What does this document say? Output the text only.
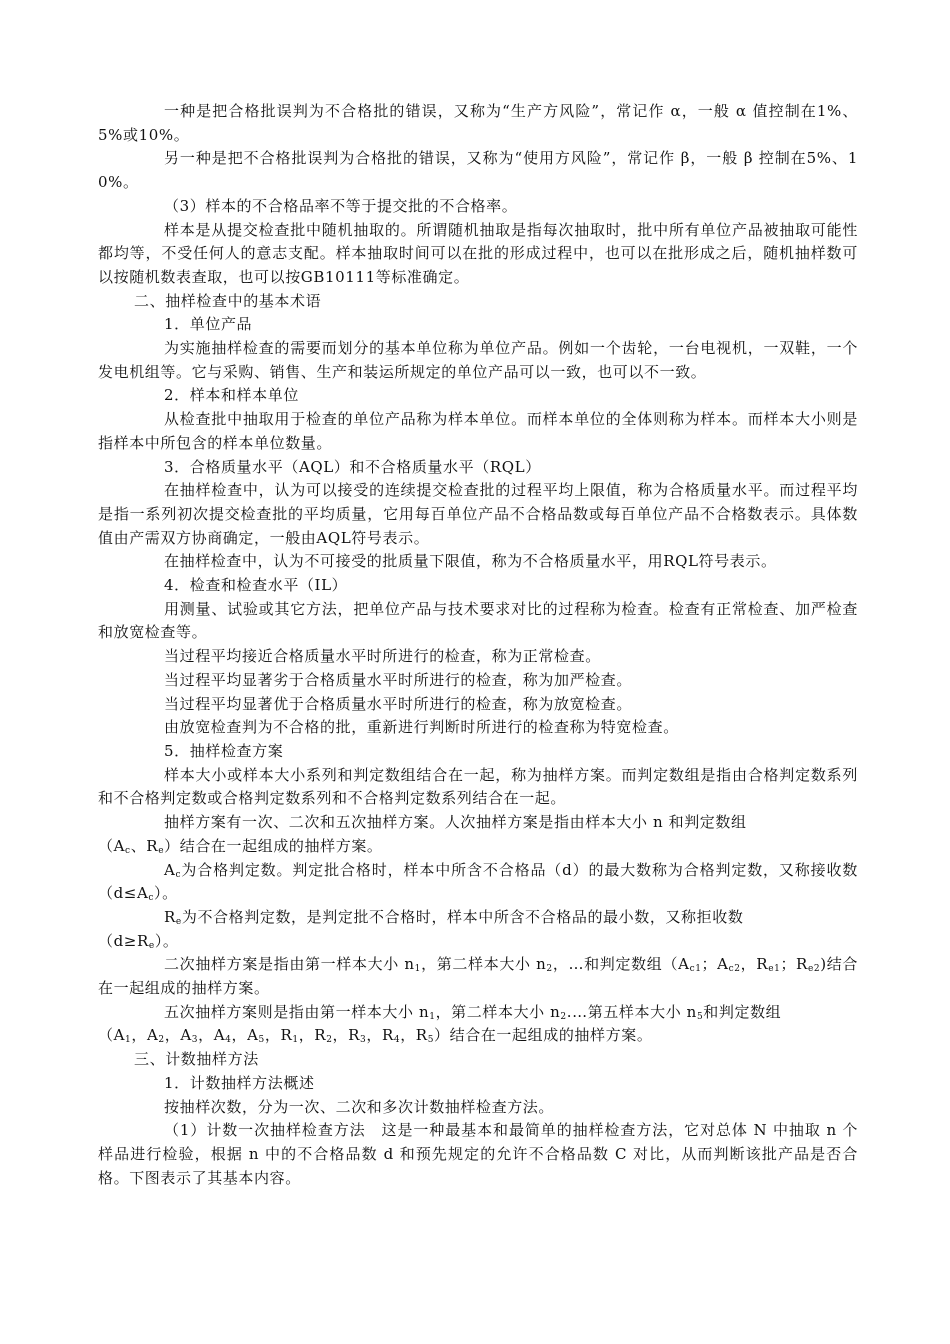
一种是把合格批误判为不合格批的错误，又称为“生产方风险”，常记作 α，一般 α 值控制在1%、5%或10%。

另一种是把不合格批误判为合格批的错误，又称为“使用方风险”，常记作 β，一般 β 控制在5%、10%。

（3）样本的不合格品率不等于提交批的不合格率。

样本是从提交检查批中随机抽取的。所谓随机抽取是指每次抽取时，批中所有单位产品被抽取可能性都均等，不受任何人的意志支配。样本抽取时间可以在批的形成过程中，也可以在批形成之后，随机抽样数可以按随机数表查取，也可以按GB10111等标准确定。

二、抽样检查中的基本术语

1．单位产品

为实施抽样检查的需要而划分的基本单位称为单位产品。例如一个齿轮，一台电视机，一双鞋，一个发电机组等。它与采购、销售、生产和装运所规定的单位产品可以一致，也可以不一致。

2．样本和样本单位

从检查批中抽取用于检查的单位产品称为样本单位。而样本单位的全体则称为样本。而样本大小则是指样本中所包含的样本单位数量。

3．合格质量水平（AQL）和不合格质量水平（RQL）

在抽样检查中，认为可以接受的连续提交检查批的过程平均上限值，称为合格质量水平。而过程平均是指一系列初次提交检查批的平均质量，它用每百单位产品不合格品数或每百单位产品不合格数表示。具体数值由产需双方协商确定，一般由AQL符号表示。

在抽样检查中，认为不可接受的批质量下限值，称为不合格质量水平，用RQL符号表示。

4．检查和检查水平（IL）

用测量、试验或其它方法，把单位产品与技术要求对比的过程称为检查。检查有正常检查、加严检查和放宽检查等。

当过程平均接近合格质量水平时所进行的检查，称为正常检查。

当过程平均显著劣于合格质量水平时所进行的检查，称为加严检查。

当过程平均显著优于合格质量水平时所进行的检查，称为放宽检查。

由放宽检查判为不合格的批，重新进行判断时所进行的检查称为特宽检查。

5．抽样检查方案

样本大小或样本大小系列和判定数组结合在一起，称为抽样方案。而判定数组是指由合格判定数系列和不合格判定数或合格判定数系列和不合格判定数系列结合在一起。

抽样方案有一次、二次和五次抽样方案。人次抽样方案是指由样本大小 n 和判定数组

（$A_c$、$R_e$）结合在一起组成的抽样方案。

$A_c$为合格判定数。判定批合格时，样本中所含不合格品（d）的最大数称为合格判定数，又称接收数$(d\le A_c)$。

$R_e$为不合格判定数，是判定批不合格时，样本中所含不合格品的最小数，又称拒收数

$(d\ge R_e)$。

二次抽样方案是指由第一样本大小 $n_1$，第二样本大小 $n_2$，…和判定数组（$A_{c1}$；$A_{c2}$，$R_{e1}$；$R_{e2}$)结合在一起组成的抽样方案。

五次抽样方案则是指由第一样本大小 $n_1$，第二样本大小 $n_2.\dots$第五样本大小 $n_5$和判定数组

（$A_1$，$A_2$，$A_3$，$A_4$，$A_5$，$R_1$，$R_2$，$R_3$，$R_4$，$R_5$）结合在一起组成的抽样方案。

三、计数抽样方法

1．计数抽样方法概述

按抽样次数，分为一次、二次和多次计数抽样检查方法。

（1）计数一次抽样检查方法　这是一种最基本和最简单的抽样检查方法，它对总体 N 中抽取 n 个样品进行检验，根据 n 中的不合格品数 d 和预先规定的允许不合格品数 C 对比，从而判断该批产品是否合格。下图表示了其基本内容。
